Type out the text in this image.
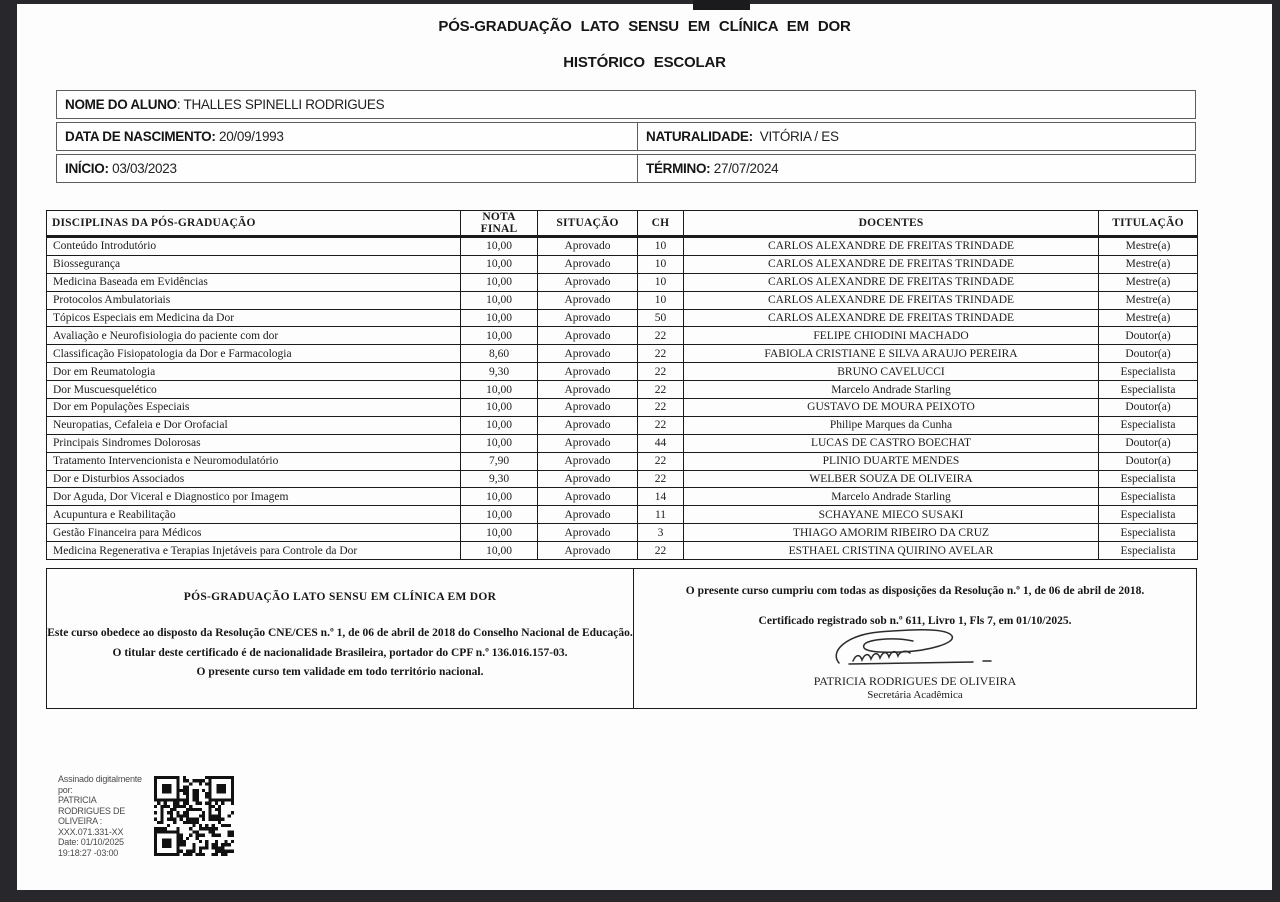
PÓS-GRADUAÇÃO LATO SENSU EM CLÍNICA EM DOR
HISTÓRICO ESCOLAR
NOME DO ALUNO : THALLES SPINELLI RODRIGUES
DATA DE NASCIMENTO: 20/09/1993	NATURALIDADE: VITÓRIA / ES
INÍCIO: 03/03/2023	TÉRMINO: 27/07/2024
DISCIPLINAS DA PÓS-GRADUAÇÃO	NOTA FINAL	SITUAÇÃO	CH	DOCENTES	TITULAÇÃO
Conteúdo Introdutório	10,00	Aprovado	10	CARLOS ALEXANDRE DE FREITAS TRINDADE	Mestre(a)
Biossegurança	10,00	Aprovado	10	CARLOS ALEXANDRE DE FREITAS TRINDADE	Mestre(a)
Medicina Baseada em Evidências	10,00	Aprovado	10	CARLOS ALEXANDRE DE FREITAS TRINDADE	Mestre(a)
Protocolos Ambulatoriais	10,00	Aprovado	10	CARLOS ALEXANDRE DE FREITAS TRINDADE	Mestre(a)
Tópicos Especiais em Medicina da Dor	10,00	Aprovado	50	CARLOS ALEXANDRE DE FREITAS TRINDADE	Mestre(a)
Avaliação e Neurofisiologia do paciente com dor	10,00	Aprovado	22	FELIPE CHIODINI MACHADO	Doutor(a)
Classificação Fisiopatologia da Dor e Farmacologia	8,60	Aprovado	22	FABIOLA CRISTIANE E SILVA ARAUJO PEREIRA	Doutor(a)
Dor em Reumatologia	9,30	Aprovado	22	BRUNO CAVELUCCI	Especialista
Dor Muscuesquelético	10,00	Aprovado	22	Marcelo Andrade Starling	Especialista
Dor em Populações Especiais	10,00	Aprovado	22	GUSTAVO DE MOURA PEIXOTO	Doutor(a)
Neuropatias, Cefaleia e Dor Orofacial	10,00	Aprovado	22	Philipe Marques da Cunha	Especialista
Principais Sindromes Dolorosas	10,00	Aprovado	44	LUCAS DE CASTRO BOECHAT	Doutor(a)
Tratamento Intervencionista e Neuromodulatório	7,90	Aprovado	22	PLINIO DUARTE MENDES	Doutor(a)
Dor e Disturbios Associados	9,30	Aprovado	22	WELBER SOUZA DE OLIVEIRA	Especialista
Dor Aguda, Dor Viceral e Diagnostico por Imagem	10,00	Aprovado	14	Marcelo Andrade Starling	Especialista
Acupuntura e Reabilitação	10,00	Aprovado	11	SCHAYANE MIECO SUSAKI	Especialista
Gestão Financeira para Médicos	10,00	Aprovado	3	THIAGO AMORIM RIBEIRO DA CRUZ	Especialista
Medicina Regenerativa e Terapias Injetáveis para Controle da Dor	10,00	Aprovado	22	ESTHAEL CRISTINA QUIRINO AVELAR	Especialista
PÓS-GRADUAÇÃO LATO SENSU EM CLÍNICA EM DOR
Este curso obedece ao disposto da Resolução CNE/CES n.º 1, de 06 de abril de 2018 do Conselho Nacional de Educação.
O titular deste certificado é de nacionalidade Brasileira, portador do CPF n.º 136.016.157-03.
O presente curso tem validade em todo território nacional.
O presente curso cumpriu com todas as disposições da Resolução n.º 1, de 06 de abril de 2018.
Certificado registrado sob n.º 611, Livro 1, Fls 7, em 01/10/2025.
PATRICIA RODRIGUES DE OLIVEIRA
Secretária Acadêmica
Assinado digitalmente
por:
PATRICIA
RODRIGUES DE
OLIVEIRA :
XXX.071.331-XX
Date: 01/10/2025
19:18:27 -03:00
